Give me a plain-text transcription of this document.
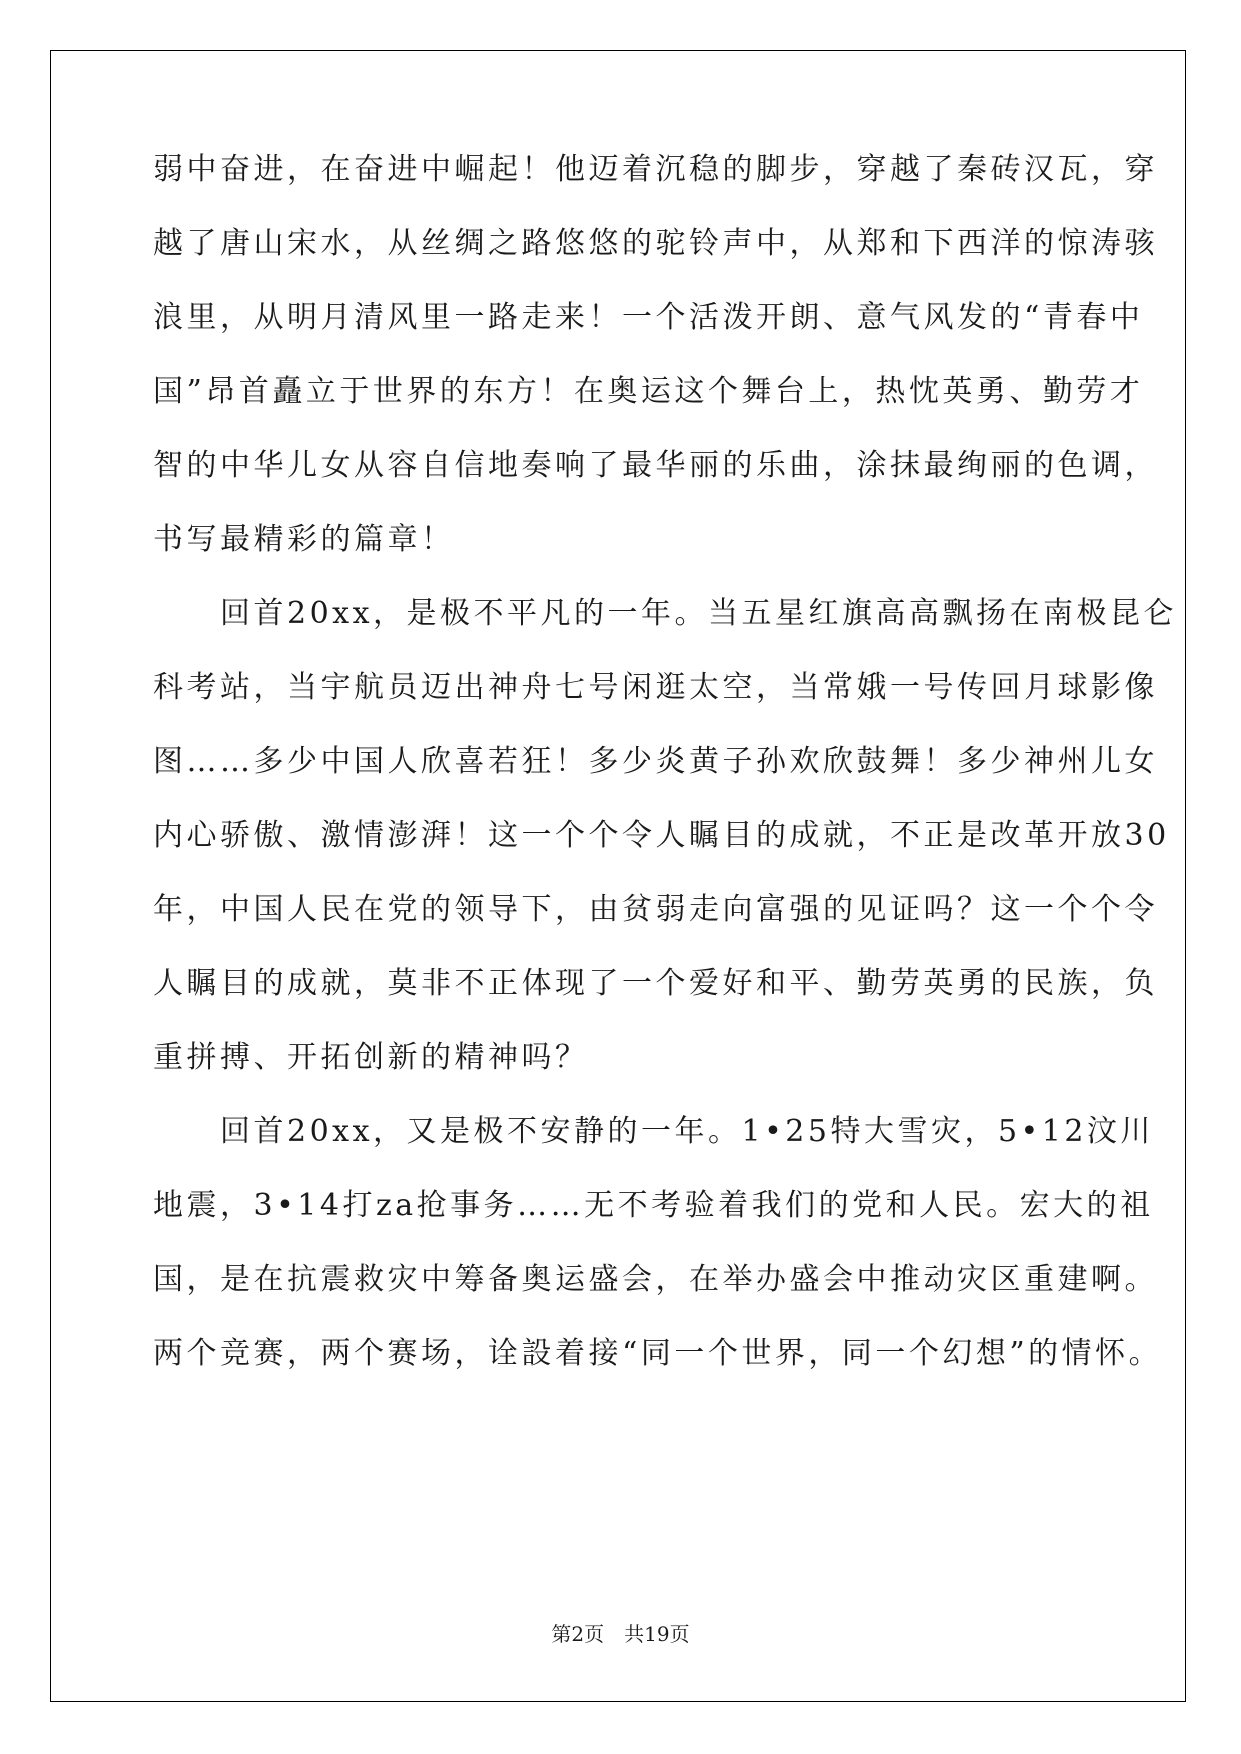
弱中奋进，在奋进中崛起！他迈着沉稳的脚步，穿越了秦砖汉瓦，穿
越了唐山宋水，从丝绸之路悠悠的驼铃声中，从郑和下西洋的惊涛骇
浪里，从明月清风里一路走来！一个活泼开朗、意气风发的“青春中
国”昂首矗立于世界的东方！在奥运这个舞台上，热忱英勇、勤劳才
智的中华儿女从容自信地奏响了最华丽的乐曲，涂抹最绚丽的色调，
书写最精彩的篇章！
　　回首20xx，是极不平凡的一年。当五星红旗高高飘扬在南极昆仑
科考站，当宇航员迈出神舟七号闲逛太空，当常娥一号传回月球影像
图……多少中国人欣喜若狂！多少炎黄子孙欢欣鼓舞！多少神州儿女
内心骄傲、激情澎湃！这一个个令人瞩目的成就，不正是改革开放30
年，中国人民在党的领导下，由贫弱走向富强的见证吗？这一个个令
人瞩目的成就，莫非不正体现了一个爱好和平、勤劳英勇的民族，负
重拼搏、开拓创新的精神吗？
　　回首20xx，又是极不安静的一年。1•25特大雪灾，5•12汶川
地震，3•14打za抢事务……无不考验着我们的党和人民。宏大的祖
国，是在抗震救灾中筹备奥运盛会，在举办盛会中推动灾区重建啊。
两个竞赛，两个赛场，诠設着接“同一个世界，同一个幻想”的情怀。
第2页　共19页
